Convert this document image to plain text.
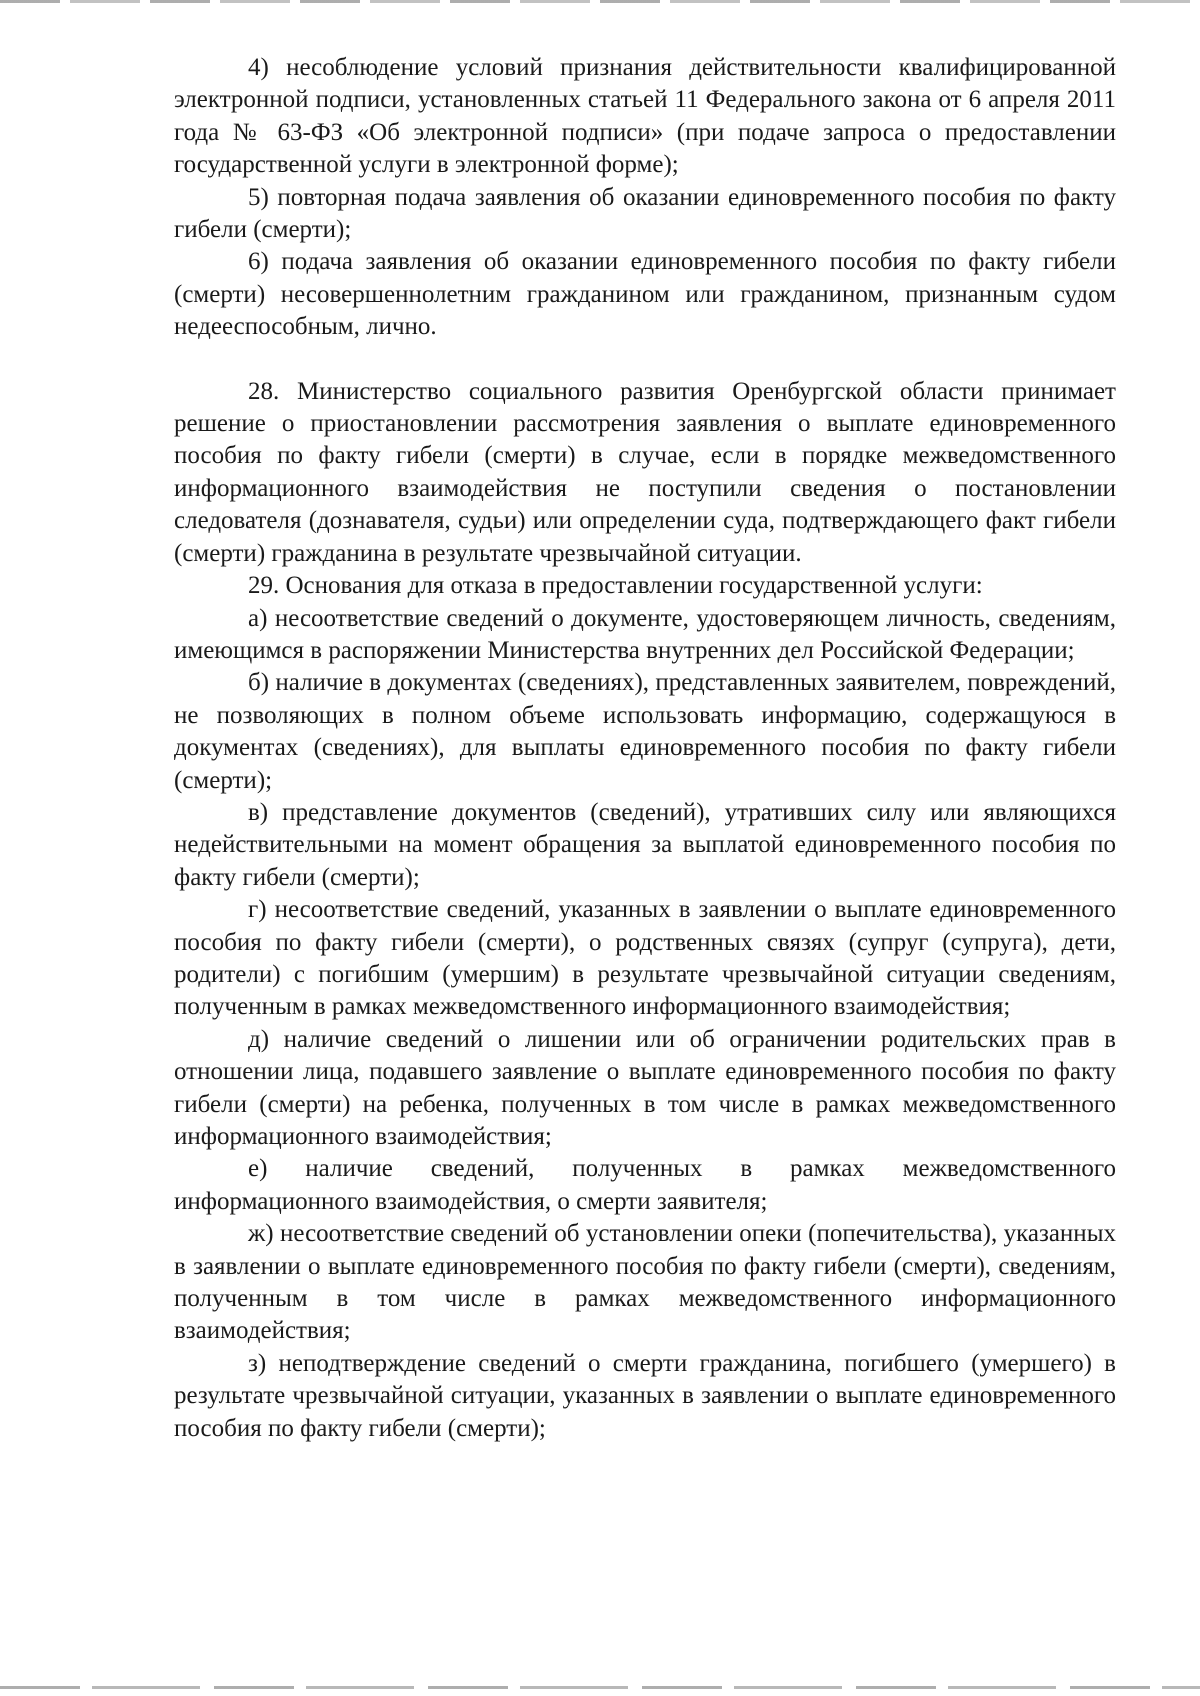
4) несоблюдение условий признания действительности квалифицированной электронной подписи, установленных статьей 11 Федерального закона от 6 апреля 2011 года № 63-ФЗ «Об электронной подписи» (при подаче запроса о предоставлении государственной услуги в электронной форме);

5) повторная подача заявления об оказании единовременного пособия по факту гибели (смерти);

6) подача заявления об оказании единовременного пособия по факту гибели (смерти) несовершеннолетним гражданином или гражданином, признанным судом недееспособным, лично.

28. Министерство социального развития Оренбургской области принимает решение о приостановлении рассмотрения заявления о выплате единовременного пособия по факту гибели (смерти) в случае, если в порядке межведомственного информационного взаимодействия не поступили сведения о постановлении следователя (дознавателя, судьи) или определении суда, подтверждающего факт гибели (смерти) гражданина в результате чрезвычайной ситуации.

29. Основания для отказа в предоставлении государственной услуги:

а) несоответствие сведений о документе, удостоверяющем личность, сведениям, имеющимся в распоряжении Министерства внутренних дел Российской Федерации;

б) наличие в документах (сведениях), представленных заявителем, повреждений, не позволяющих в полном объеме использовать информацию, содержащуюся в документах (сведениях), для выплаты единовременного пособия по факту гибели (смерти);

в) представление документов (сведений), утративших силу или являющихся недействительными на момент обращения за выплатой единовременного пособия по факту гибели (смерти);

г) несоответствие сведений, указанных в заявлении о выплате единовременного пособия по факту гибели (смерти), о родственных связях (супруг (супруга), дети, родители) с погибшим (умершим) в результате чрезвычайной ситуации сведениям, полученным в рамках межведомственного информационного взаимодействия;

д) наличие сведений о лишении или об ограничении родительских прав в отношении лица, подавшего заявление о выплате единовременного пособия по факту гибели (смерти) на ребенка, полученных в том числе в рамках межведомственного информационного взаимодействия;

е) наличие сведений, полученных в рамках межведомственного информационного взаимодействия, о смерти заявителя;

ж) несоответствие сведений об установлении опеки (попечительства), указанных в заявлении о выплате единовременного пособия по факту гибели (смерти), сведениям, полученным в том числе в рамках межведомственного информационного взаимодействия;

з) неподтверждение сведений о смерти гражданина, погибшего (умершего) в результате чрезвычайной ситуации, указанных в заявлении о выплате единовременного пособия по факту гибели (смерти);
